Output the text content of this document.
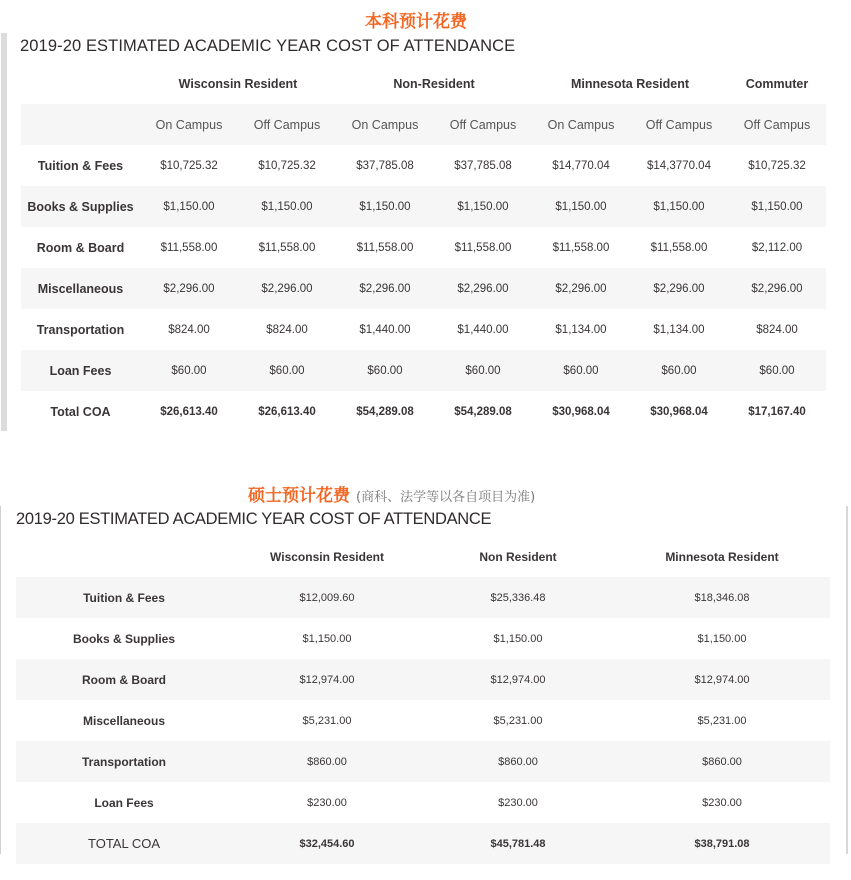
本科预计花费
2019-20 ESTIMATED ACADEMIC YEAR COST OF ATTENDANCE
	Wisconsin Resident		Non-Resident		Minnesota Resident		Commuter
	On Campus	Off Campus	On Campus	Off Campus	On Campus	Off Campus	Off Campus
Tuition & Fees	$10,725.32	$10,725.32	$37,785.08	$37,785.08	$14,770.04	$14,3770.04	$10,725.32
Books & Supplies	$1,150.00	$1,150.00	$1,150.00	$1,150.00	$1,150.00	$1,150.00	$1,150.00
Room & Board	$11,558.00	$11,558.00	$11,558.00	$11,558.00	$11,558.00	$11,558.00	$2,112.00
Miscellaneous	$2,296.00	$2,296.00	$2,296.00	$2,296.00	$2,296.00	$2,296.00	$2,296.00
Transportation	$824.00	$824.00	$1,440.00	$1,440.00	$1,134.00	$1,134.00	$824.00
Loan Fees	$60.00	$60.00	$60.00	$60.00	$60.00	$60.00	$60.00
Total COA	$26,613.40	$26,613.40	$54,289.08	$54,289.08	$30,968.04	$30,968.04	$17,167.40
硕士预计花费 (商科、法学等以各自项目为准)
2019-20 ESTIMATED ACADEMIC YEAR COST OF ATTENDANCE
	Wisconsin Resident	Non Resident	Minnesota Resident
Tuition & Fees	$12,009.60	$25,336.48	$18,346.08
Books & Supplies	$1,150.00	$1,150.00	$1,150.00
Room & Board	$12,974.00	$12,974.00	$12,974.00
Miscellaneous	$5,231.00	$5,231.00	$5,231.00
Transportation	$860.00	$860.00	$860.00
Loan Fees	$230.00	$230.00	$230.00
TOTAL COA	$32,454.60	$45,781.48	$38,791.08
